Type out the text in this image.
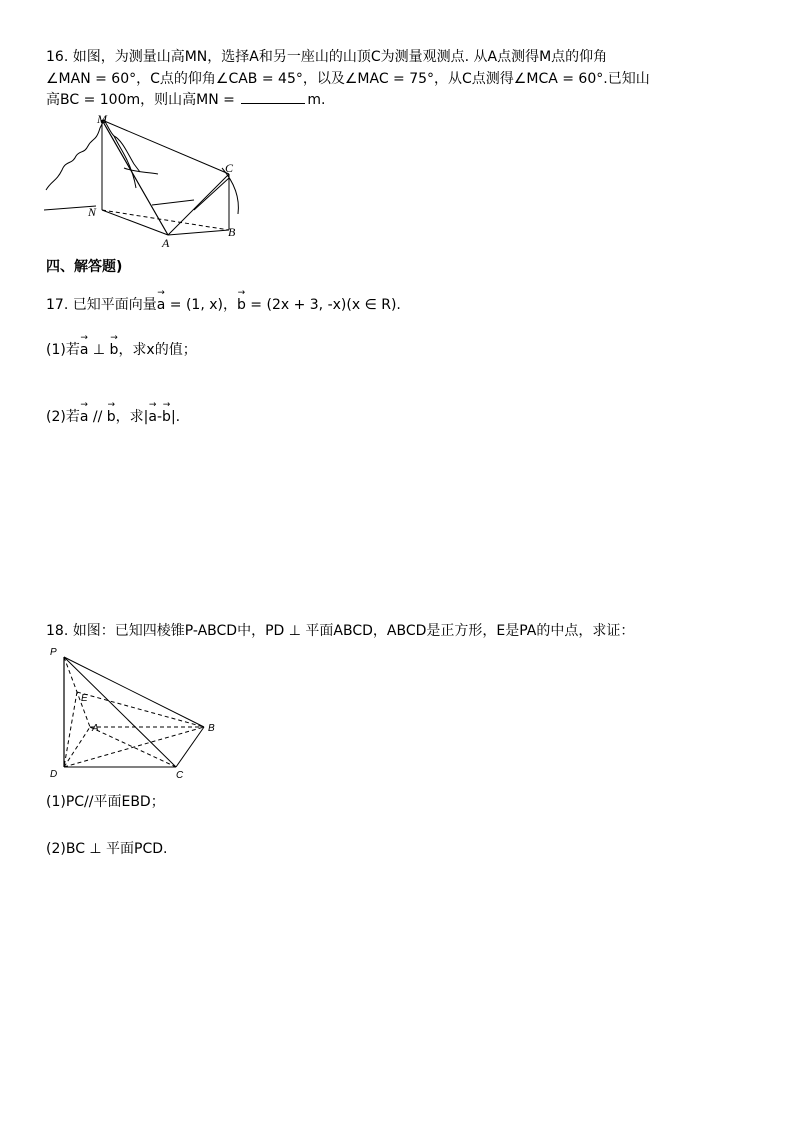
16. 如图，为测量山高MN，选择A和另一座山的山顶C为测量观测点. 从A点测得M点的仰角
∠MAN = 60°，C点的仰角∠CAB = 45°，以及∠MAC = 75°，从C点测得∠MCA = 60°.已知山
高BC = 100m，则山高MN =	m.
M
N
A
B
C
四、解答题)
17. 已知平面向量→ a = (1, x)，→ b = (2x + 3, -x)(x ∈ R).
(1)若→ a ⊥ → b，求x的值；
(2)若→ a // → b，求|→ a-→ b|.
18. 如图：已知四棱锥P-ABCD中，PD ⊥ 平面ABCD，ABCD是正方形，E是PA的中点，求证：
P
E
A	B
C
D
(1)PC//平面EBD；
(2)BC ⊥ 平面PCD.
